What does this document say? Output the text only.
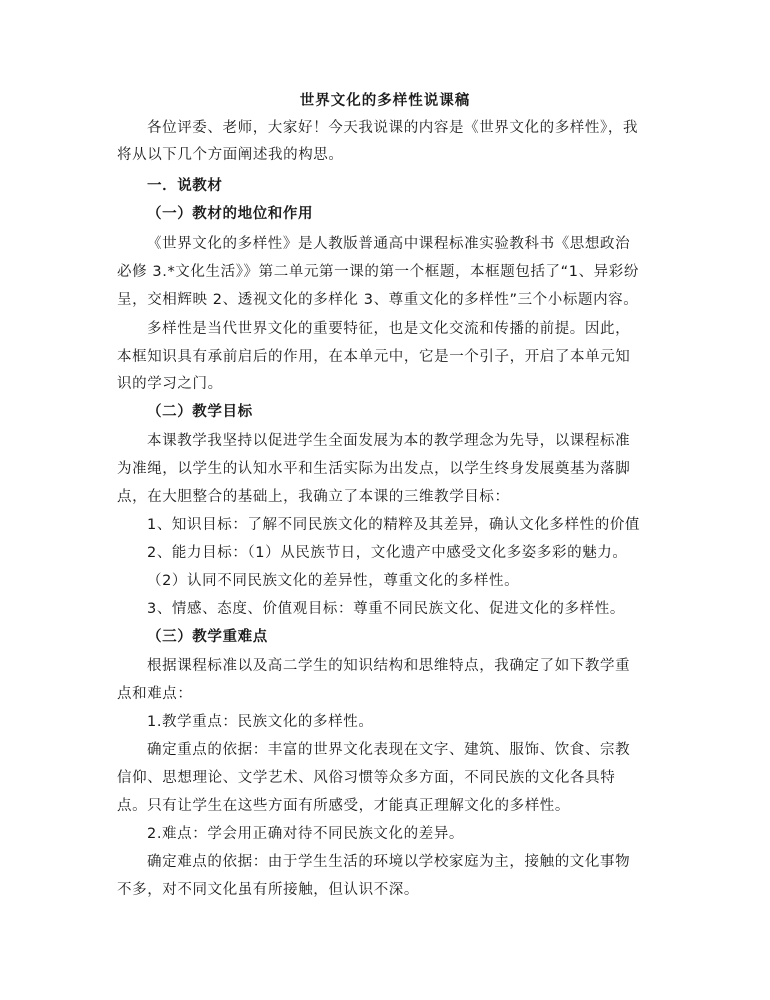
世界文化的多样性说课稿
各位评委、老师，大家好！今天我说课的内容是《世界文化的多样性》，我
将从以下几个方面阐述我的构思。
一．说教材
（一）教材的地位和作用
《世界文化的多样性》是人教版普通高中课程标准实验教科书《思想政治
必修 3.*文化生活》》第二单元第一课的第一个框题，本框题包括了“1、异彩纷
呈，交相辉映 2、透视文化的多样化 3、尊重文化的多样性”三个小标题内容。
多样性是当代世界文化的重要特征，也是文化交流和传播的前提。因此，
本框知识具有承前启后的作用，在本单元中，它是一个引子，开启了本单元知
识的学习之门。
（二）教学目标
本课教学我坚持以促进学生全面发展为本的教学理念为先导，以课程标准
为准绳，以学生的认知水平和生活实际为出发点，以学生终身发展奠基为落脚
点，在大胆整合的基础上，我确立了本课的三维教学目标：
1、知识目标：了解不同民族文化的精粹及其差异，确认文化多样性的价值
2、能力目标：（1）从民族节日，文化遗产中感受文化多姿多彩的魅力。
（2）认同不同民族文化的差异性，尊重文化的多样性。
3、情感、态度、价值观目标：尊重不同民族文化、促进文化的多样性。
（三）教学重难点
根据课程标准以及高二学生的知识结构和思维特点，我确定了如下教学重
点和难点：
1.教学重点：民族文化的多样性。
确定重点的依据：丰富的世界文化表现在文字、建筑、服饰、饮食、宗教
信仰、思想理论、文学艺术、风俗习惯等众多方面，不同民族的文化各具特
点。只有让学生在这些方面有所感受，才能真正理解文化的多样性。
2.难点：学会用正确对待不同民族文化的差异。
确定难点的依据：由于学生生活的环境以学校家庭为主，接触的文化事物
不多，对不同文化虽有所接触，但认识不深。
